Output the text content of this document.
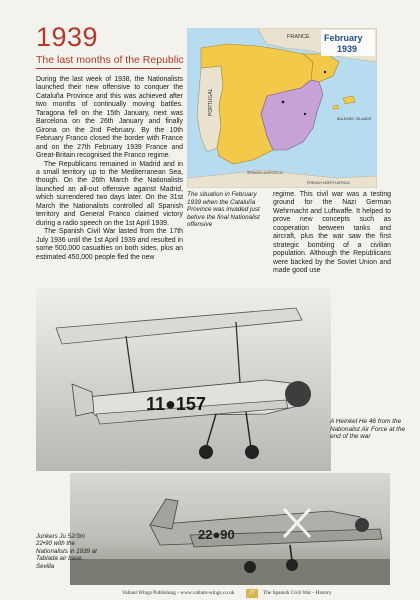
1939
The last months of the Republic

During the last week of 1938, the Nationalists launched their new offensive to conquer the Cataluña Province and this was achieved after two months of continually moving battles. Taragona fell on the 15th January, next was Barcelona on the 26th January and finally Girona on the 2nd February. By the 10th February Franco closed the border with France and on the 27th February 1939 France and Great-Britain recognised the Franco regime.

The Republicans remained in Madrid and in a small territory up to the Mediterranean Sea, though. On the 26th March the Nationalists launched an all-out offensive against Madrid, which surrendered two days later. On the 31st March the Nationalists controlled all Spanish territory and General Franco claimed victory during a radio speech on the 1st April 1939.

The Spanish Civil War lasted from the 17th July 1936 until the 1st April 1939 and resulted in some 500,000 casualties on both sides, plus an estimated 450,000 people fled the new

February
1939
FRANCE
PORTUGAL
BALEARIC ISLANDS
SPANISH MOROCCO
FRENCH NORTH AFRICA
The situation in February 1939 when the Cataluña Province was invaded just before the final Nationalist offensive

regime. This civil war was a testing ground for the Nazi German Wehrmacht and Luftwaffe. It helped to prove new concepts such as cooperation between tanks and aircraft, plus the war saw the first strategic bombing of a civilian population. Although the Republicans were backed by the Soviet Union and made good use

11●157
A Heinkel He 46 from the Nationalist Air Force at the end of the war
22●90
Junkers Ju 52/3m 22•90 with the Nationalists in 1939 at Tablada air base, Sevilla
Valiant Wings Publishing - www.valiant-wings.co.uk	27	The Spanish Civil War - History
